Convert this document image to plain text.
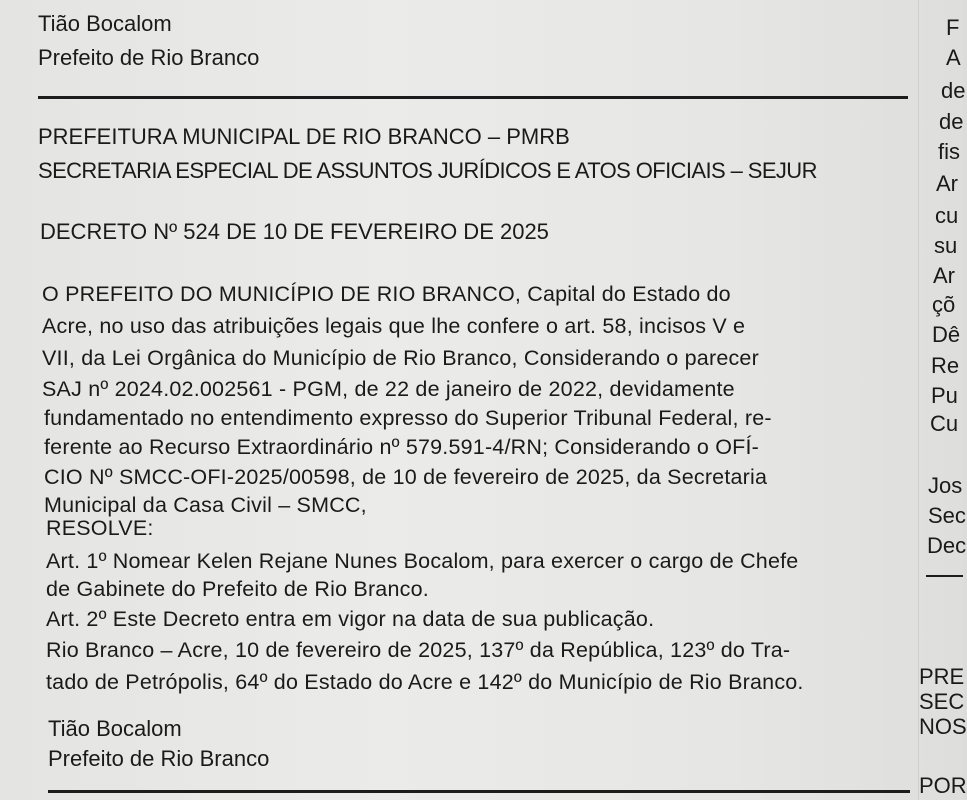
Tião Bocalom
Prefeito de Rio Branco
PREFEITURA MUNICIPAL DE RIO BRANCO – PMRB
SECRETARIA ESPECIAL DE ASSUNTOS JURÍDICOS E ATOS OFICIAIS – SEJUR
DECRETO Nº 524 DE 10 DE FEVEREIRO DE 2025
O PREFEITO DO MUNICÍPIO DE RIO BRANCO, Capital do Estado do
Acre, no uso das atribuições legais que lhe confere o art. 58, incisos V e
VII, da Lei Orgânica do Município de Rio Branco, Considerando o parecer
SAJ nº 2024.02.002561 - PGM, de 22 de janeiro de 2022, devidamente
fundamentado no entendimento expresso do Superior Tribunal Federal, re-
ferente ao Recurso Extraordinário nº 579.591-4/RN; Considerando o OFÍ-
CIO Nº SMCC-OFI-2025/00598, de 10 de fevereiro de 2025, da Secretaria
Municipal da Casa Civil – SMCC,
RESOLVE:
Art. 1º Nomear Kelen Rejane Nunes Bocalom, para exercer o cargo de Chefe
de Gabinete do Prefeito de Rio Branco.
Art. 2º Este Decreto entra em vigor na data de sua publicação.
Rio Branco – Acre, 10 de fevereiro de 2025, 137º da República, 123º do Tra-
tado de Petrópolis, 64º do Estado do Acre e 142º do Município de Rio Branco.
Tião Bocalom
Prefeito de Rio Branco
F
A
de
de
fis
Ar
cu
su
Ar
çõ
Dê
Re
Pu
Cu
Jos
Sec
Dec
PRE
SEC
NOS
POR
